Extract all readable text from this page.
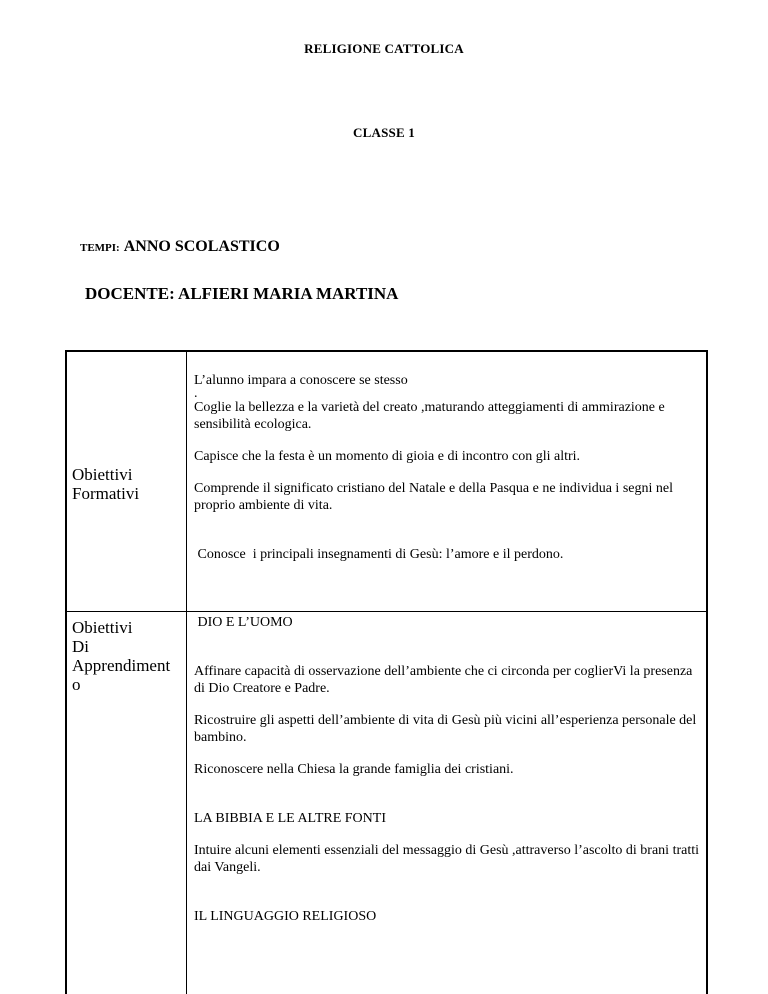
RELIGIONE CATTOLICA
CLASSE 1
TEMPI: ANNO SCOLASTICO
DOCENTE: ALFIERI MARIA MARTINA
Obiettivi
Formativi

L’alunno impara a conoscere se stesso

.

Coglie la bellezza e la varietà del creato ,maturando atteggiamenti di ammirazione e sensibilità ecologica.

Capisce che la festa è un momento di gioia e di incontro con gli altri.

Comprende il significato cristiano del Natale e della Pasqua e ne individua i segni nel proprio ambiente di vita.

Conosce  i principali insegnamenti di Gesù: l’amore e il perdono.

Obiettivi
Di
Apprendiment
o

DIO E L’UOMO

Affinare capacità di osservazione dell’ambiente che ci circonda per coglierVi la presenza di Dio Creatore e Padre.

Ricostruire gli aspetti dell’ambiente di vita di Gesù più vicini all’esperienza personale del bambino.

Riconoscere nella Chiesa la grande famiglia dei cristiani.

LA BIBBIA E LE ALTRE FONTI

Intuire alcuni elementi essenziali del messaggio di Gesù ,attraverso l’ascolto di brani tratti dai Vangeli.

IL LINGUAGGIO RELIGIOSO
